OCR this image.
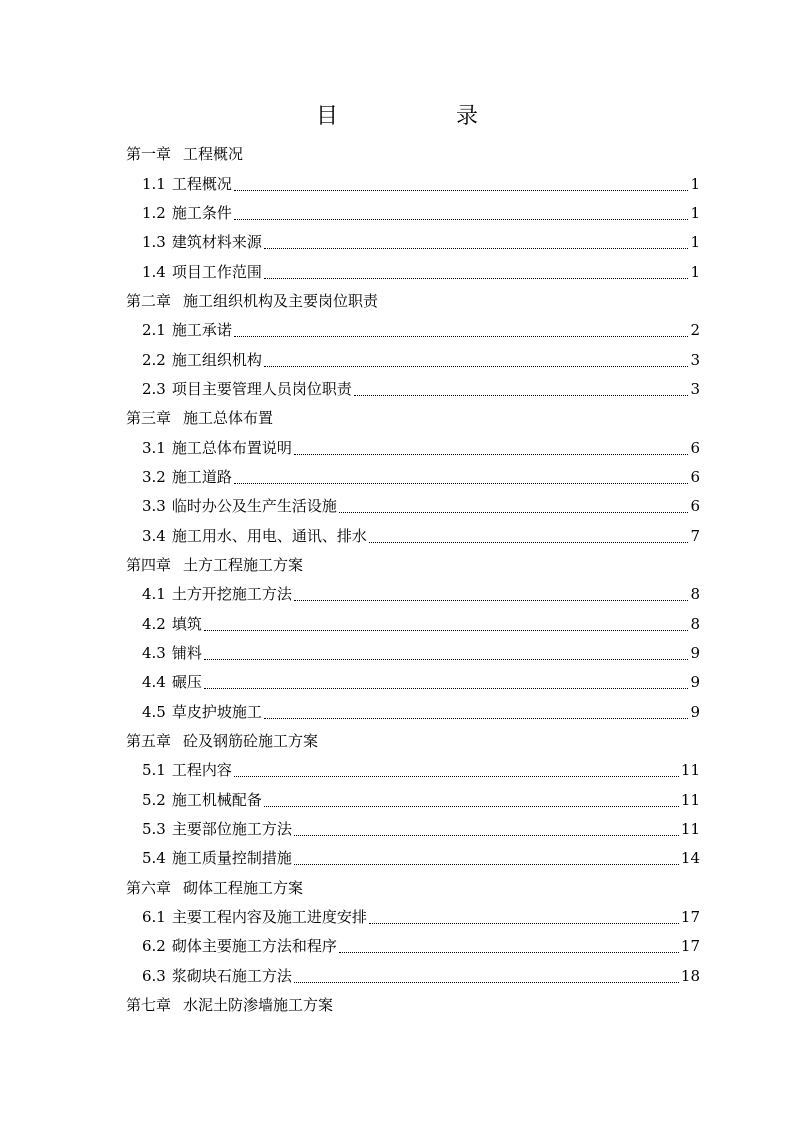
目　录
第一章 工程概况
1.1 工程概况	1
1.2 施工条件	1
1.3 建筑材料来源	1
1.4 项目工作范围	1
第二章 施工组织机构及主要岗位职责
2.1 施工承诺	2
2.2 施工组织机构	3
2.3 项目主要管理人员岗位职责	3
第三章 施工总体布置
3.1 施工总体布置说明	6
3.2 施工道路	6
3.3 临时办公及生产生活设施	6
3.4 施工用水、用电、通讯、排水	7
第四章 土方工程施工方案
4.1 土方开挖施工方法	8
4.2 填筑	8
4.3 铺料	9
4.4 碾压	9
4.5 草皮护坡施工	9
第五章 砼及钢筋砼施工方案
5.1 工程内容	11
5.2 施工机械配备	11
5.3 主要部位施工方法	11
5.4 施工质量控制措施	14
第六章 砌体工程施工方案
6.1 主要工程内容及施工进度安排	17
6.2 砌体主要施工方法和程序	17
6.3 浆砌块石施工方法	18
第七章 水泥土防渗墙施工方案
